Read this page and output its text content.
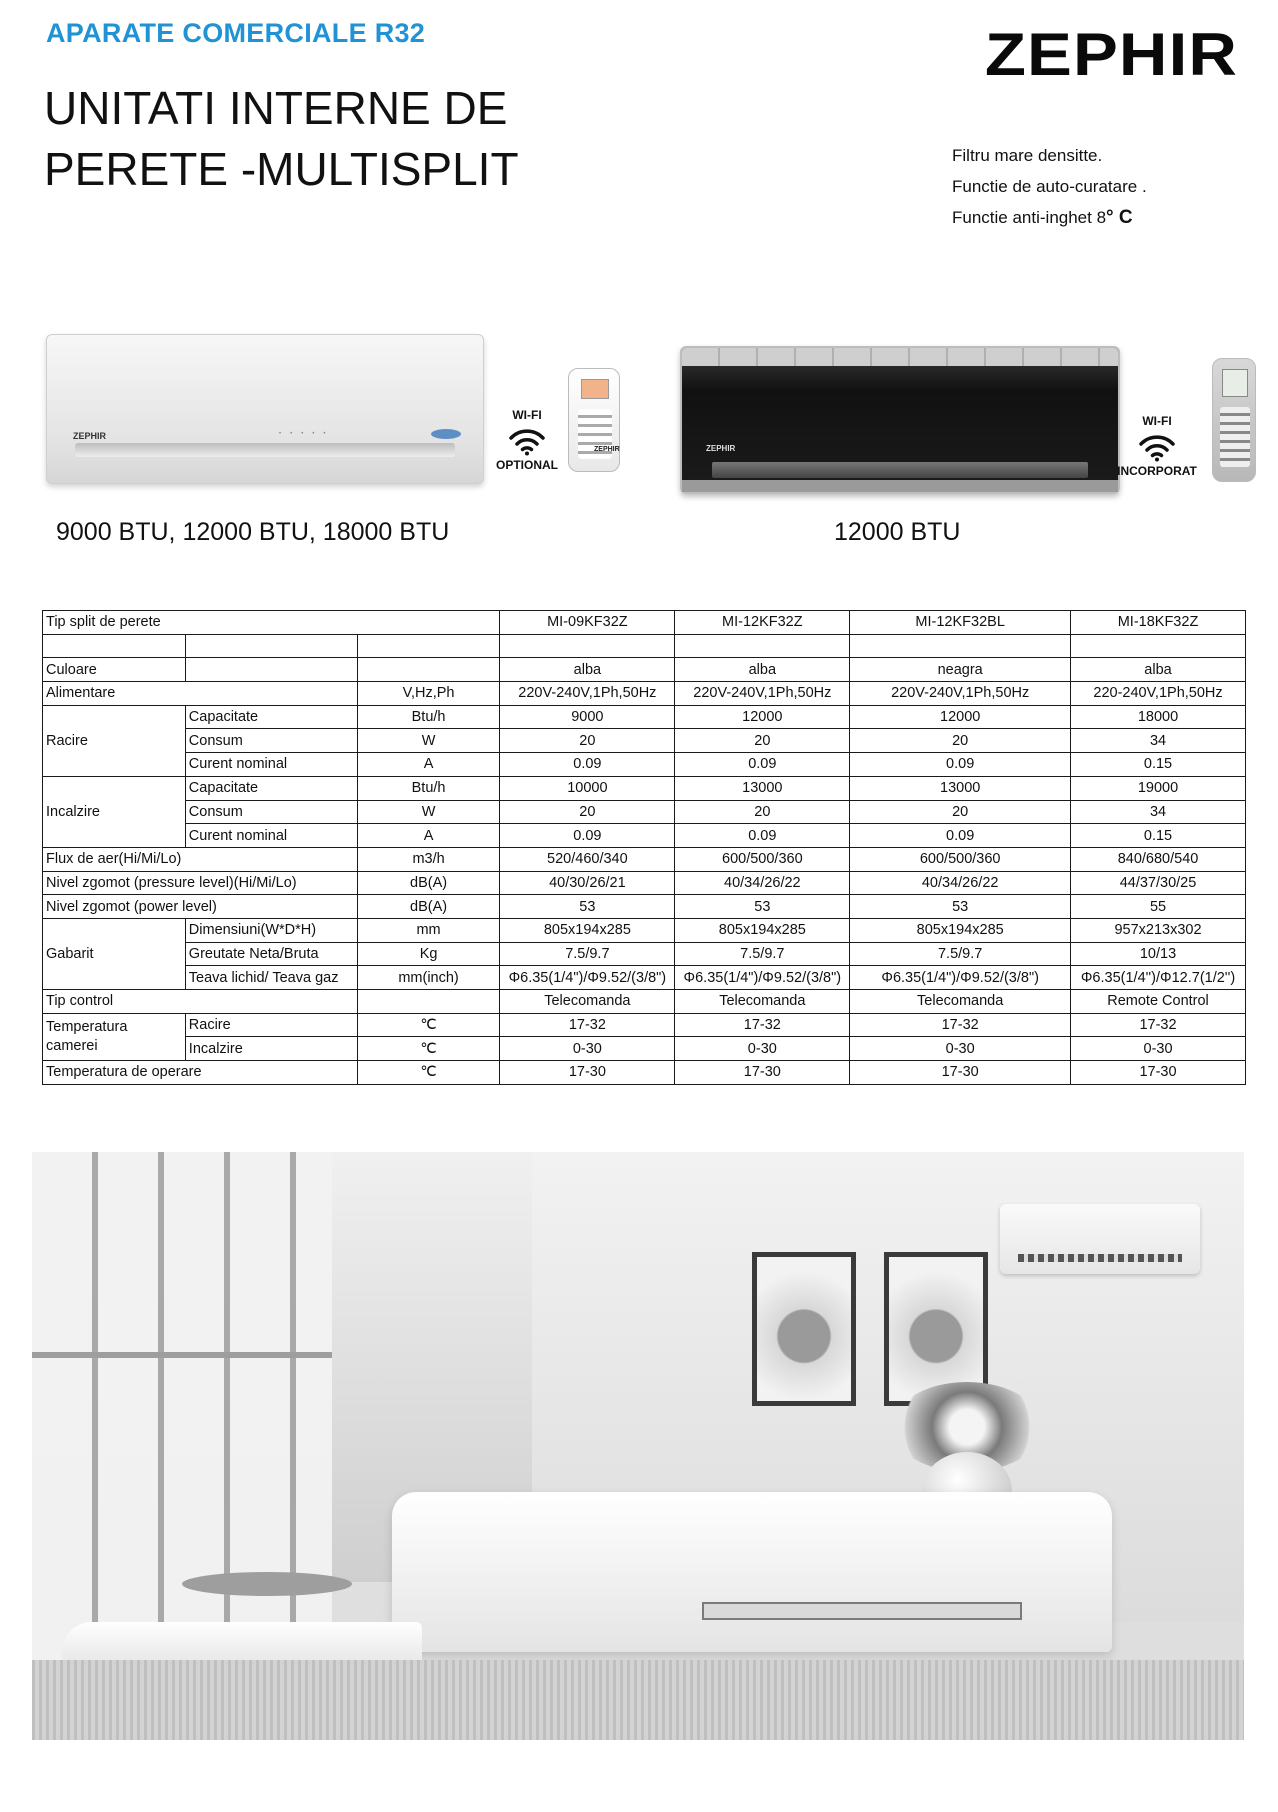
APARATE COMERCIALE R32
UNITATI INTERNE DE
PERETE -MULTISPLIT
ZEPHIR
Filtru mare densitte.
Functie de auto-curatare .
Functie anti-inghet 8° C
ZEPHIR	•••••
WI-FI
OPTIONAL
ZEPHIR	ZEPHIR
WI-FI
INCORPORAT
9000 BTU, 12000 BTU, 18000 BTU	12000 BTU
Tip split de perete			MI-09KF32Z	MI-12KF32Z	MI-12KF32BL	MI-18KF32Z

Culoare			alba	alba	neagra	alba
Alimentare		V,Hz,Ph	220V-240V,1Ph,50Hz	220V-240V,1Ph,50Hz	220V-240V,1Ph,50Hz	220-240V,1Ph,50Hz
Racire	Capacitate	Btu/h	9000	12000	12000	18000
	Consum	W	20	20	20	34
	Curent nominal	A	0.09	0.09	0.09	0.15
Incalzire	Capacitate	Btu/h	10000	13000	13000	19000
	Consum	W	20	20	20	34
	Curent nominal	A	0.09	0.09	0.09	0.15
Flux de aer(Hi/Mi/Lo)		m3/h	520/460/340	600/500/360	600/500/360	840/680/540
Nivel zgomot (pressure level)(Hi/Mi/Lo)		dB(A)	40/30/26/21	40/34/26/22	40/34/26/22	44/37/30/25
Nivel zgomot (power level)		dB(A)	53	53	53	55
Gabarit	Dimensiuni(W*D*H)	mm	805x194x285	805x194x285	805x194x285	957x213x302
	Greutate Neta/Bruta	Kg	7.5/9.7	7.5/9.7	7.5/9.7	10/13
	Teava lichid/ Teava gaz	mm(inch)	Φ6.35(1/4")/Φ9.52/(3/8")	Φ6.35(1/4")/Φ9.52/(3/8")	Φ6.35(1/4")/Φ9.52/(3/8")	Φ6.35(1/4'')/Φ12.7(1/2'')
Tip control			Telecomanda	Telecomanda	Telecomanda	Remote Control

Temperatura
camerei	Racire	℃	17-32	17-32	17-32	17-32
	Incalzire	℃	0-30	0-30	0-30	0-30
Temperatura de operare		℃	17-30	17-30	17-30	17-30
